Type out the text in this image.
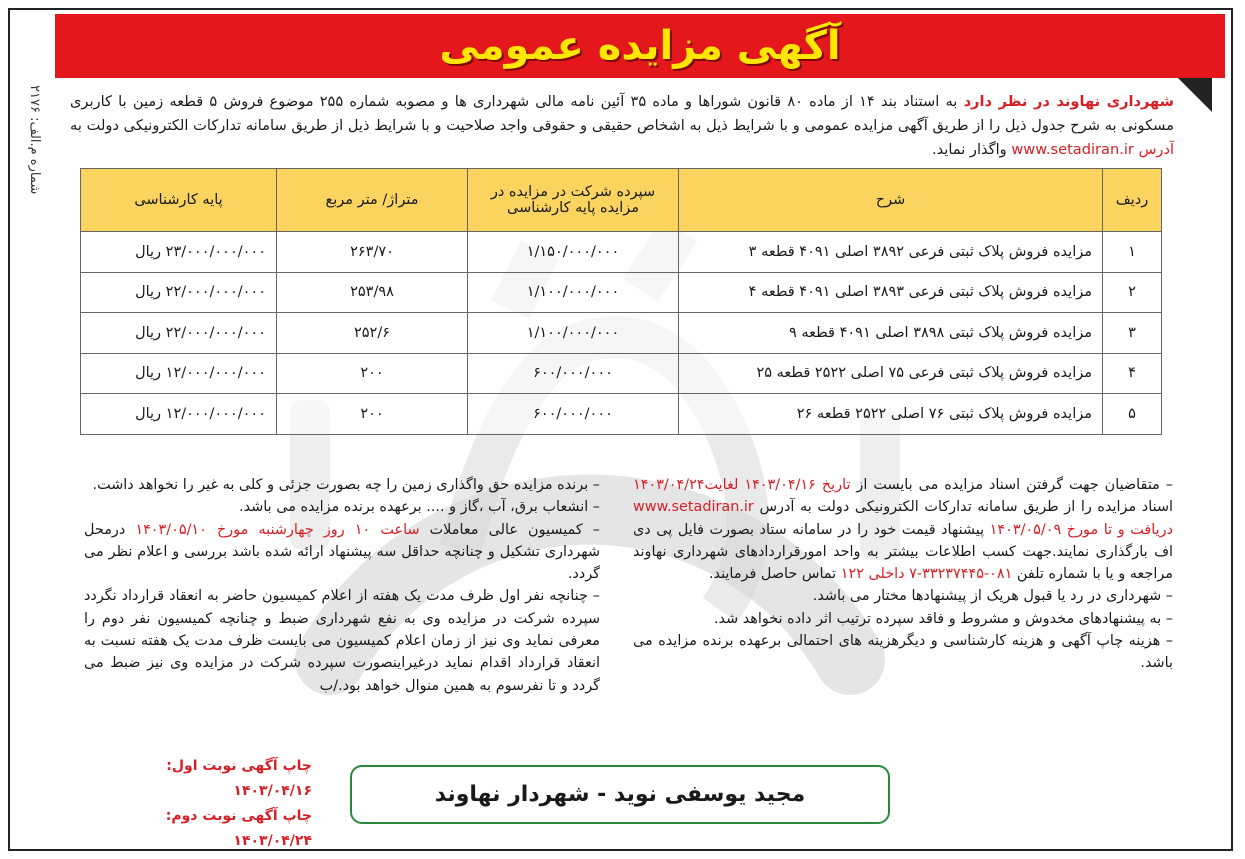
شماره م.الف: ۲۱۷۶
آگهی مزایده عمومی
شهرداری نهاوند در نظر دارد به استناد بند ۱۴ از ماده ۸۰ قانون شوراها و ماده ۳۵ آئین نامه مالی شهرداری ها و مصوبه شماره ۲۵۵ موضوع فروش ۵ قطعه زمین با کاربری مسکونی به شرح جدول ذیل را از طریق آگهی مزایده عمومی و با شرایط ذیل به اشخاص حقیقی و حقوقی واجد صلاحیت و با شرایط ذیل از طریق سامانه تدارکات الکترونیکی دولت به آدرس www.setadiran.ir واگذار نماید.
ردیف	شرح	سپرده شرکت در مزایده در مزایده پایه کارشناسی	متراژ/ متر مربع	پایه کارشناسی
۱	مزایده فروش پلاک ثبتی فرعی ۳۸۹۲ اصلی ۴۰۹۱ قطعه ۳	۱/۱۵۰/۰۰۰/۰۰۰	۲۶۳/۷۰	۲۳/۰۰۰/۰۰۰/۰۰۰ ریال
۲	مزایده فروش پلاک ثبتی فرعی ۳۸۹۳ اصلی ۴۰۹۱ قطعه ۴	۱/۱۰۰/۰۰۰/۰۰۰	۲۵۳/۹۸	۲۲/۰۰۰/۰۰۰/۰۰۰ ریال
۳	مزایده فروش پلاک ثبتی ۳۸۹۸ اصلی ۴۰۹۱ قطعه ۹	۱/۱۰۰/۰۰۰/۰۰۰	۲۵۲/۶	۲۲/۰۰۰/۰۰۰/۰۰۰ ریال
۴	مزایده فروش پلاک ثبتی فرعی ۷۵ اصلی ۲۵۲۲ قطعه ۲۵	۶۰۰/۰۰۰/۰۰۰	۲۰۰	۱۲/۰۰۰/۰۰۰/۰۰۰ ریال
۵	مزایده فروش پلاک ثبتی ۷۶ اصلی ۲۵۲۲ قطعه ۲۶	۶۰۰/۰۰۰/۰۰۰	۲۰۰	۱۲/۰۰۰/۰۰۰/۰۰۰ ریال

– متقاضیان جهت گرفتن اسناد مزایده می بایست از تاریخ ۱۴۰۳/۰۴/۱۶ لغایت۱۴۰۳/۰۴/۲۴ اسناد مزایده را از طریق سامانه تدارکات الکترونیکی دولت به آدرس www.setadiran.ir دریافت و تا مورخ ۱۴۰۳/۰۵/۰۹ پیشنهاد قیمت خود را در سامانه ستاد بصورت فایل پی دی اف بارگذاری نمایند.جهت کسب اطلاعات بیشتر به واحد امورقراردادهای شهرداری نهاوند مراجعه و یا با شماره تلفن ۰۸۱-۳۳۲۳۷۴۴۵-۷ داخلی ۱۲۲ تماس حاصل فرمایند.

– شهرداری در رد یا قبول هریک از پیشنهادها مختار می باشد.

– به پیشنهادهای مخدوش و مشروط و فاقد سپرده ترتیب اثر داده نخواهد شد.

– هزینه چاپ آگهی و هزینه کارشناسی و دیگرهزینه های احتمالی برعهده برنده مزایده می باشد.

– برنده مزایده حق واگذاری زمین را چه بصورت جزئی و کلی به غیر را نخواهد داشت.

– انشعاب برق، آب ،گاز و .... برعهده برنده مزایده می باشد.

– کمیسیون عالی معاملات ساعت ۱۰ روز چهارشنبه مورخ ۱۴۰۳/۰۵/۱۰ درمحل شهرداری تشکیل و چنانچه حداقل سه پیشنهاد ارائه شده باشد بررسی و اعلام نظر می گردد.

– چنانچه نفر اول ظرف مدت یک هفته از اعلام کمیسیون حاضر به انعقاد قرارداد نگردد سپرده شرکت در مزایده وی به نفع شهرداری ضبط و چنانچه کمیسیون نفر دوم را معرفی نماید وی نیز از زمان اعلام کمیسیون می بایست ظرف مدت یک هفته نسبت به انعقاد قرارداد اقدام نماید درغیراینصورت سپرده شرکت در مزایده وی نیز ضبط می گردد و تا نفرسوم به همین منوال خواهد بود./ب

چاپ آگهی نوبت اول: ۱۴۰۳/۰۴/۱۶
چاپ آگهی نوبت دوم: ۱۴۰۳/۰۴/۲۴
مجید یوسفی نوید - شهردار نهاوند
